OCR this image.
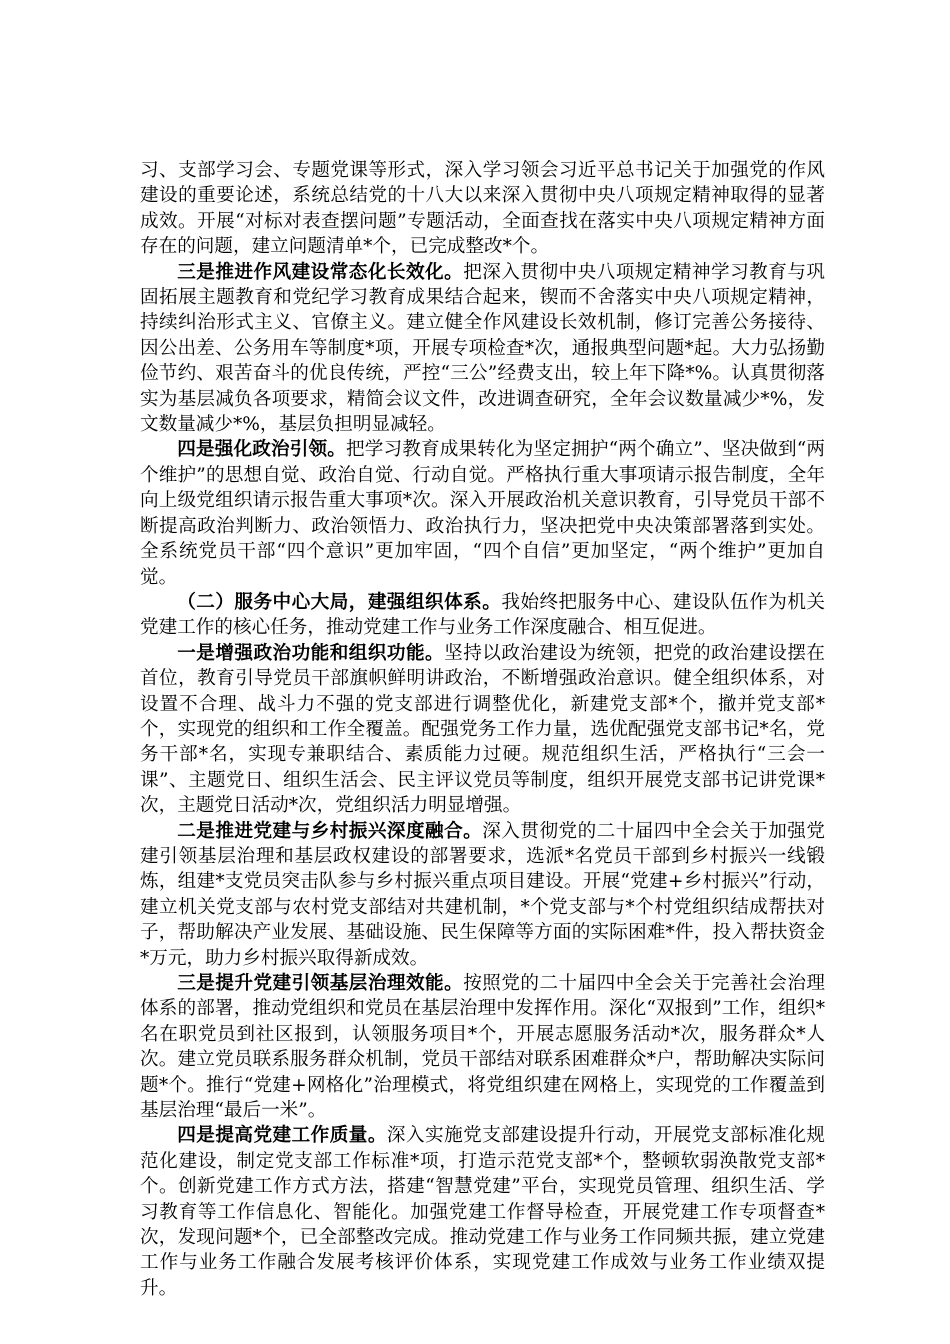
习、支部学习会、专题党课等形式，深入学习领会习近平总书记关于加强党的作风建设的重要论述，系统总结党的十八大以来深入贯彻中央八项规定精神取得的显著成效。开展“对标对表查摆问题”专题活动，全面查找在落实中央八项规定精神方面存在的问题，建立问题清单*个，已完成整改*个。

三是推进作风建设常态化长效化。把深入贯彻中央八项规定精神学习教育与巩固拓展主题教育和党纪学习教育成果结合起来，锲而不舍落实中央八项规定精神，持续纠治形式主义、官僚主义。建立健全作风建设长效机制，修订完善公务接待、因公出差、公务用车等制度*项，开展专项检查*次，通报典型问题*起。大力弘扬勤俭节约、艰苦奋斗的优良传统，严控“三公”经费支出，较上年下降*%。认真贯彻落实为基层减负各项要求，精简会议文件，改进调查研究，全年会议数量减少*%，发文数量减少*%，基层负担明显减轻。

四是强化政治引领。把学习教育成果转化为坚定拥护“两个确立”、坚决做到“两个维护”的思想自觉、政治自觉、行动自觉。严格执行重大事项请示报告制度，全年向上级党组织请示报告重大事项*次。深入开展政治机关意识教育，引导党员干部不断提高政治判断力、政治领悟力、政治执行力，坚决把党中央决策部署落到实处。全系统党员干部“四个意识”更加牢固，“四个自信”更加坚定，“两个维护”更加自觉。

（二）服务中心大局，建强组织体系。我始终把服务中心、建设队伍作为机关党建工作的核心任务，推动党建工作与业务工作深度融合、相互促进。

一是增强政治功能和组织功能。坚持以政治建设为统领，把党的政治建设摆在首位，教育引导党员干部旗帜鲜明讲政治，不断增强政治意识。健全组织体系，对设置不合理、战斗力不强的党支部进行调整优化，新建党支部*个，撤并党支部*个，实现党的组织和工作全覆盖。配强党务工作力量，选优配强党支部书记*名，党务干部*名，实现专兼职结合、素质能力过硬。规范组织生活，严格执行“三会一课”、主题党日、组织生活会、民主评议党员等制度，组织开展党支部书记讲党课*次，主题党日活动*次，党组织活力明显增强。

二是推进党建与乡村振兴深度融合。深入贯彻党的二十届四中全会关于加强党建引领基层治理和基层政权建设的部署要求，选派*名党员干部到乡村振兴一线锻炼，组建*支党员突击队参与乡村振兴重点项目建设。开展“党建+乡村振兴”行动，建立机关党支部与农村党支部结对共建机制，*个党支部与*个村党组织结成帮扶对子，帮助解决产业发展、基础设施、民生保障等方面的实际困难*件，投入帮扶资金*万元，助力乡村振兴取得新成效。

三是提升党建引领基层治理效能。按照党的二十届四中全会关于完善社会治理体系的部署，推动党组织和党员在基层治理中发挥作用。深化“双报到”工作，组织*名在职党员到社区报到，认领服务项目*个，开展志愿服务活动*次，服务群众*人次。建立党员联系服务群众机制，党员干部结对联系困难群众*户，帮助解决实际问题*个。推行“党建+网格化”治理模式，将党组织建在网格上，实现党的工作覆盖到基层治理“最后一米”。

四是提高党建工作质量。深入实施党支部建设提升行动，开展党支部标准化规范化建设，制定党支部工作标准*项，打造示范党支部*个，整顿软弱涣散党支部*个。创新党建工作方式方法，搭建“智慧党建”平台，实现党员管理、组织生活、学习教育等工作信息化、智能化。加强党建工作督导检查，开展党建工作专项督查*次，发现问题*个，已全部整改完成。推动党建工作与业务工作同频共振，建立党建工作与业务工作融合发展考核评价体系，实现党建工作成效与业务工作业绩双提升。
